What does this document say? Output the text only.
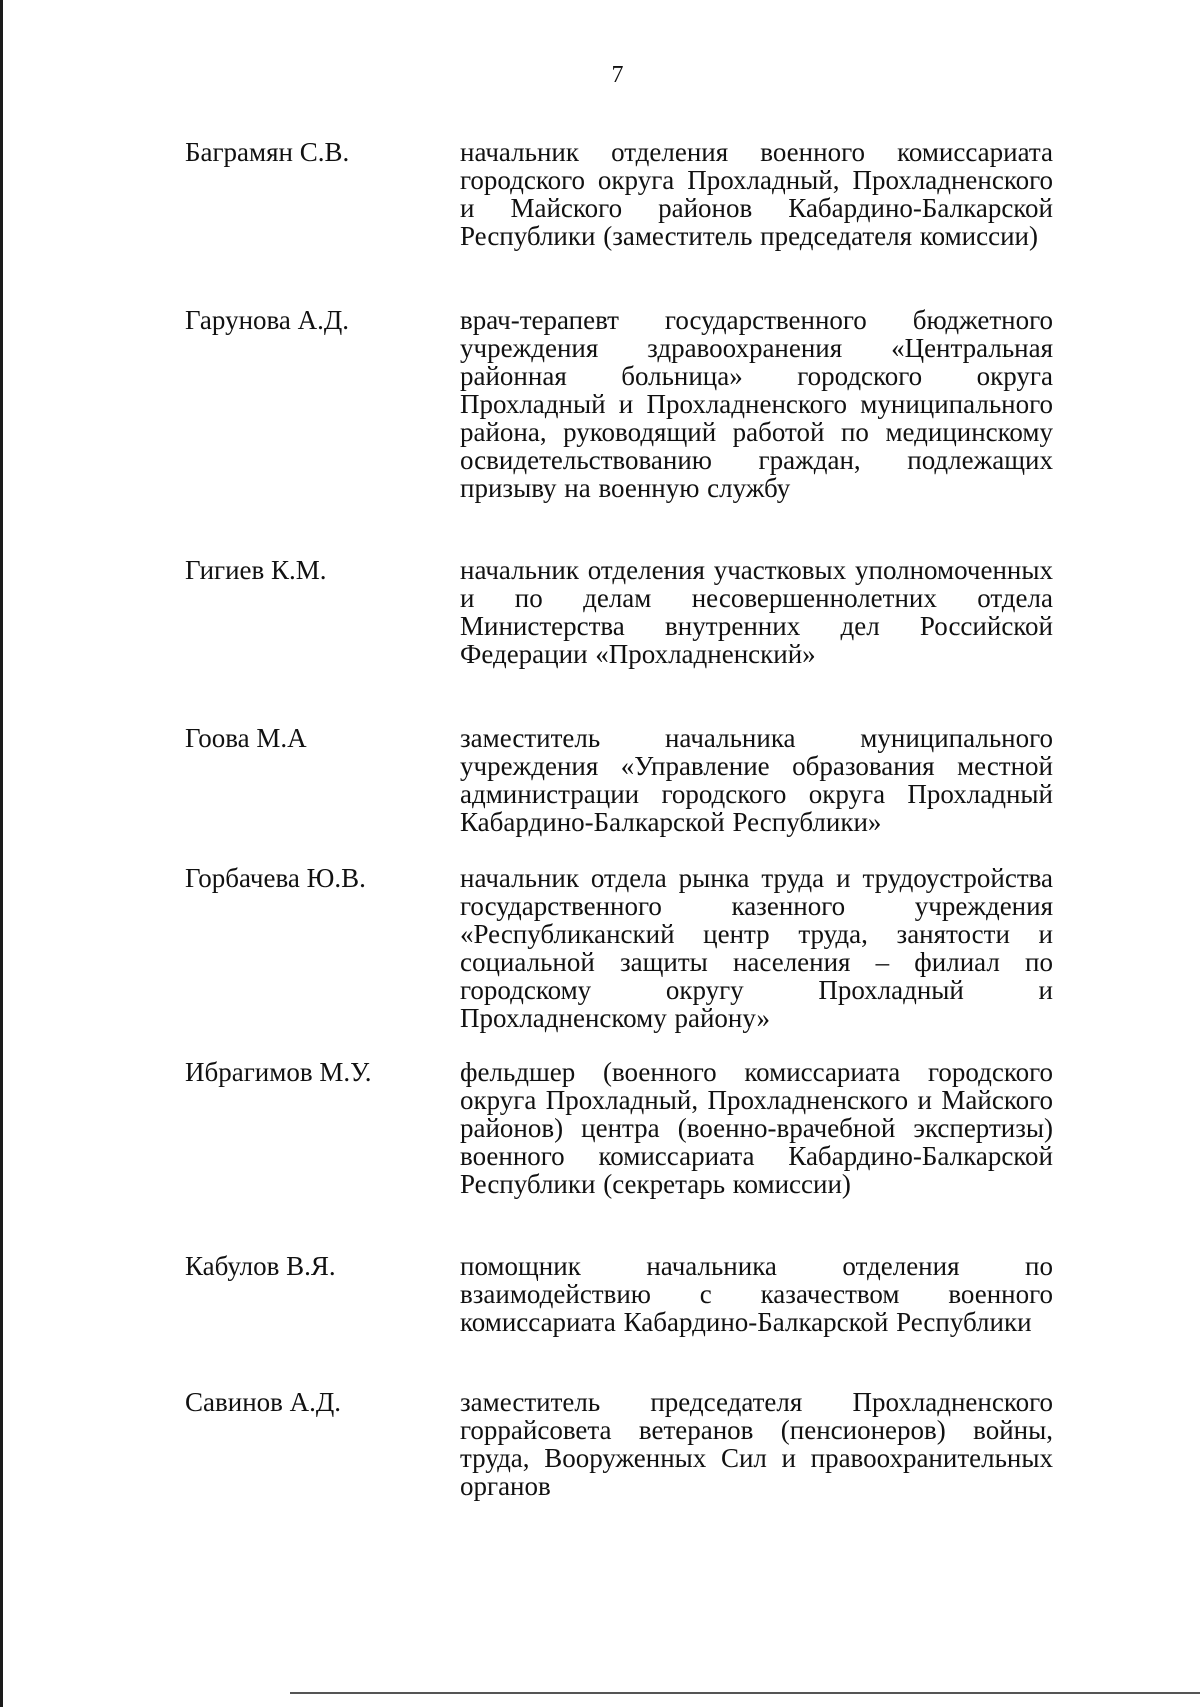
7
Баграмян С.В.	начальник отделения военного комиссариата городского округа Прохладный, Прохладненского и Майского районов Кабардино-Балкарской Республики (заместитель председателя комиссии)
Гарунова А.Д.	врач-терапевт государственного бюджетного учреждения здравоохранения «Центральная районная больница» городского округа Прохладный и Прохладненского муниципального района, руководящий работой по медицинскому освидетельствованию граждан, подлежащих призыву на военную службу
Гигиев К.М.	начальник отделения участковых уполномоченных и по делам несовершеннолетних отдела Министерства внутренних дел Российской Федерации «Прохладненский»
Гоова М.А	заместитель начальника муниципального учреждения «Управление образования местной администрации городского округа Прохладный Кабардино-Балкарской Республики»
Горбачева Ю.В.	начальник отдела рынка труда и трудоустройства государственного казенного учреждения «Республиканский центр труда, занятости и социальной защиты населения – филиал по городскому округу Прохладный и Прохладненскому району»
Ибрагимов М.У.	фельдшер (военного комиссариата городского округа Прохладный, Прохладненского и Майского районов) центра (военно-врачебной экспертизы) военного комиссариата Кабардино-Балкарской Республики (секретарь комиссии)
Кабулов В.Я.	помощник начальника отделения по взаимодействию с казачеством военного комиссариата Кабардино-Балкарской Республики
Савинов А.Д.	заместитель председателя Прохладненского горрайсовета ветеранов (пенсионеров) войны, труда, Вооруженных Сил и правоохранительных органов
